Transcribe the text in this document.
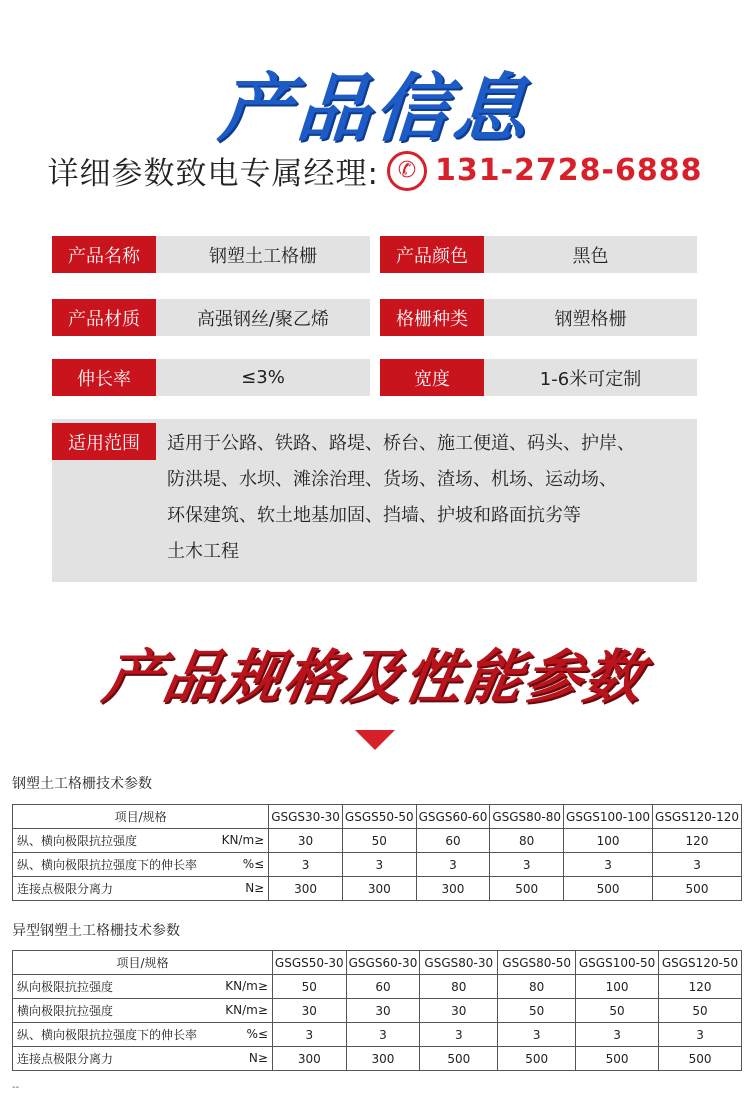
产品信息
详细参数致电专属经理: ✆ 131-2728-6888
产品名称	钢塑土工格栅	产品颜色	黑色
产品材质	高强钢丝/聚乙烯	格栅种类	钢塑格栅
伸长率	≤3%	宽度	1-6米可定制
适用范围	适用于公路、铁路、路堤、桥台、施工便道、码头、护岸、
防洪堤、水坝、滩涂治理、货场、渣场、机场、运动场、
环保建筑、软土地基加固、挡墙、护坡和路面抗劣等
土木工程
产品规格及性能参数
钢塑土工格栅技术参数
项目/规格	GSGS30-30	GSGS50-50	GSGS60-60	GSGS80-80	GSGS100-100	GSGS120-120
纵、横向极限抗拉强度 KN/m≥	30	50	60	80	100	120
纵、横向极限抗拉强度下的伸长率 %≤	3	3	3	3	3	3
连接点极限分离力 N≥	300	300	300	500	500	500
异型钢塑土工格栅技术参数
项目/规格	GSGS50-30	GSGS60-30	GSGS80-30	GSGS80-50	GSGS100-50	GSGS120-50
纵向极限抗拉强度 KN/m≥	50	60	80	80	100	120
横向极限抗拉强度 KN/m≥	30	30	30	50	50	50
纵、横向极限抗拉强度下的伸长率 %≤	3	3	3	3	3	3
连接点极限分离力 N≥	300	300	500	500	500	500
--
